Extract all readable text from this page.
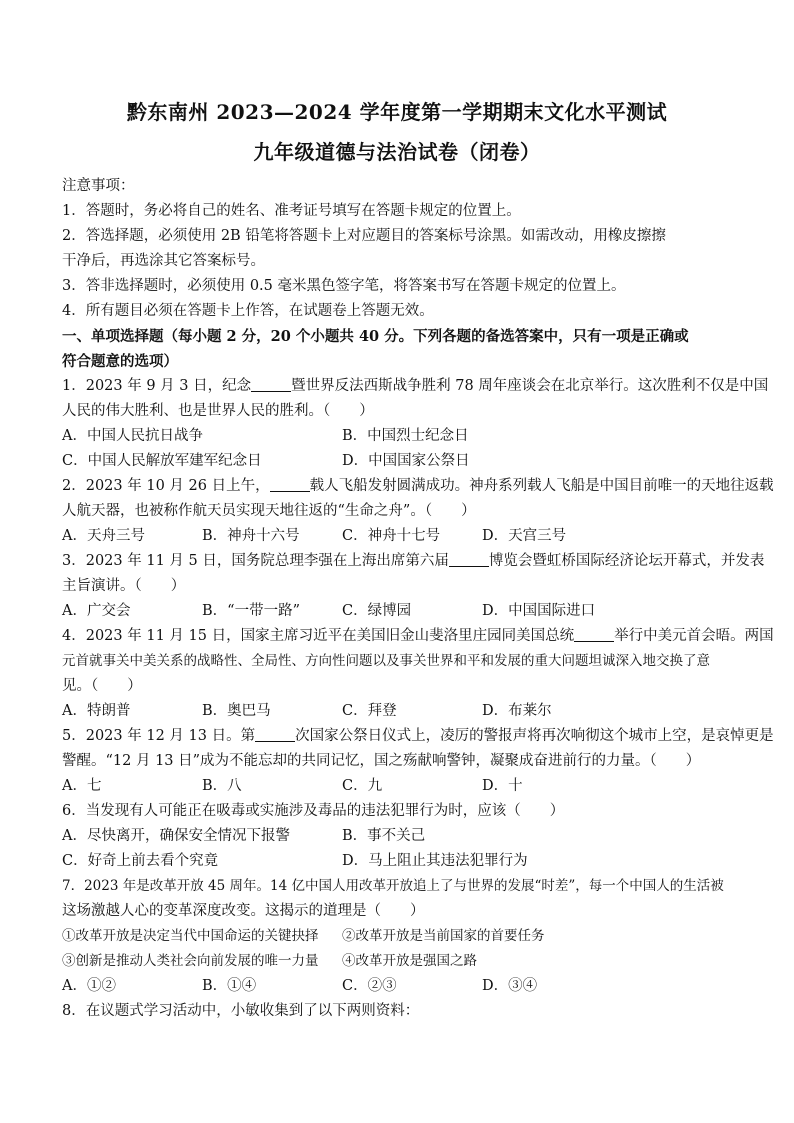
黔东南州 2023—2024 学年度第一学期期末文化水平测试
九年级道德与法治试卷（闭卷）
注意事项：
1．答题时，务必将自己的姓名、准考证号填写在答题卡规定的位置上。
2．答选择题，必须使用 2B 铅笔将答题卡上对应题目的答案标号涂黑。如需改动，用橡皮擦擦
干净后，再选涂其它答案标号。
3．答非选择题时，必须使用 0.5 毫米黑色签字笔，将答案书写在答题卡规定的位置上。
4．所有题目必须在答题卡上作答，在试题卷上答题无效。
一、单项选择题（每小题 2 分，20 个小题共 40 分。下列各题的备选答案中，只有一项是正确或
符合题意的选项）
1．2023 年 9 月 3 日，纪念	暨世界反法西斯战争胜利 78 周年座谈会在北京举行。这次胜利不仅是中国
人民的伟大胜利、也是世界人民的胜利。（　　）
A．中国人民抗日战争	B．中国烈士纪念日
C．中国人民解放军建军纪念日	D．中国国家公祭日
2．2023 年 10 月 26 日上午，	载人飞船发射圆满成功。神舟系列载人飞船是中国目前唯一的天地往返载
人航天器，也被称作航天员实现天地往返的“生命之舟”。（　　）
A．天舟三号	B．神舟十六号	C．神舟十七号	D．天宫三号
3．2023 年 11 月 5 日，国务院总理李强在上海出席第六届	博览会暨虹桥国际经济论坛开幕式，并发表
主旨演讲。（　　）
A．广交会	B．“一带一路”	C．绿博园	D．中国国际进口
4．2023 年 11 月 15 日，国家主席习近平在美国旧金山斐洛里庄园同美国总统	举行中美元首会晤。两国
元首就事关中美关系的战略性、全局性、方向性问题以及事关世界和平和发展的重大问题坦诚深入地交换了意
见。（　　）
A．特朗普	B．奥巴马	C．拜登	D．布莱尔
5．2023 年 12 月 13 日。第	次国家公祭日仪式上，凌厉的警报声将再次响彻这个城市上空，是哀悼更是
警醒。“12 月 13 日”成为不能忘却的共同记忆，国之殇献响警钟，凝聚成奋进前行的力量。（　　）
A．七	B．八	C．九	D．十
6．当发现有人可能正在吸毒或实施涉及毒品的违法犯罪行为时，应该（　　）
A．尽快离开，确保安全情况下报警	B．事不关己
C．好奇上前去看个究竟	D．马上阻止其违法犯罪行为
7．2023 年是改革开放 45 周年。14 亿中国人用改革开放追上了与世界的发展“时差”，每一个中国人的生活被
这场激越人心的变革深度改变。这揭示的道理是（　　）
①改革开放是决定当代中国命运的关键抉择	②改革开放是当前国家的首要任务
③创新是推动人类社会向前发展的唯一力量	④改革开放是强国之路
A．①②	B．①④	C．②③	D．③④
8．在议题式学习活动中，小敏收集到了以下两则资料：
